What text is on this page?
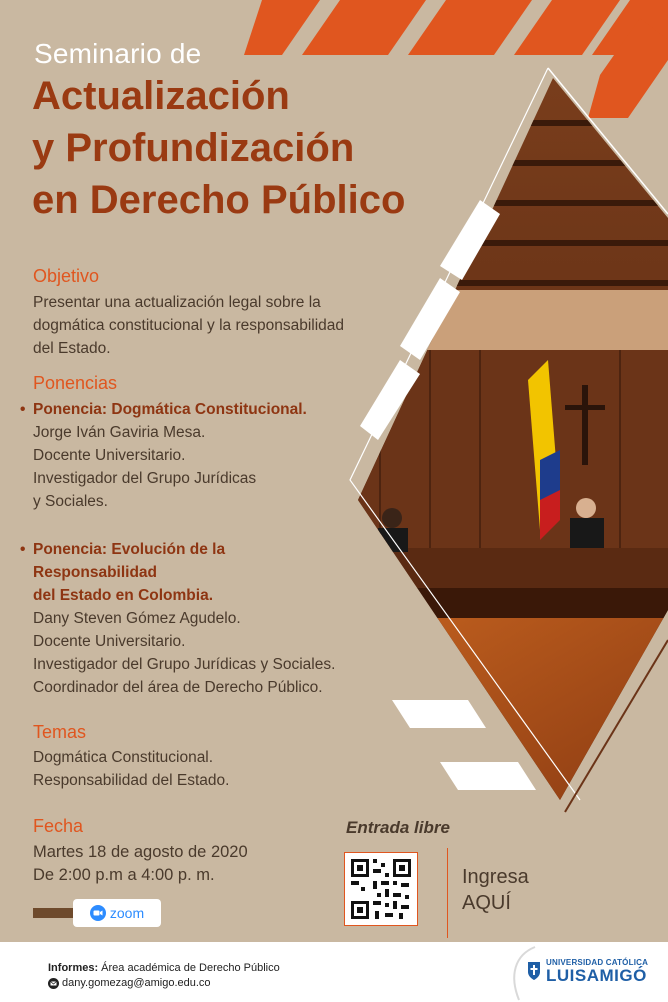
Seminario de
Actualización
y Profundización
en Derecho Público
Objetivo
Presentar una actualización legal sobre la
dogmática constitucional y la responsabilidad
del Estado.
Ponencias
• Ponencia: Dogmática Constitucional.
Jorge Iván Gaviria Mesa.
Docente Universitario.
Investigador del Grupo Jurídicas
y Sociales.
• Ponencia: Evolución de la
Responsabilidad
del Estado en Colombia.
Dany Steven Gómez Agudelo.
Docente Universitario.
Investigador del Grupo Jurídicas y Sociales.
Coordinador del área de Derecho Público.
Temas
Dogmática Constitucional.
Responsabilidad del Estado.
Fecha
Martes 18 de agosto de 2020
De 2:00 p.m a 4:00 p. m.
zoom
Entrada libre
Ingresa
AQUÍ
Informes: Área académica de Derecho Público
dany.gomezag@amigo.edu.co
UNIVERSIDAD CATÓLICA
LUISAMIGÓ
